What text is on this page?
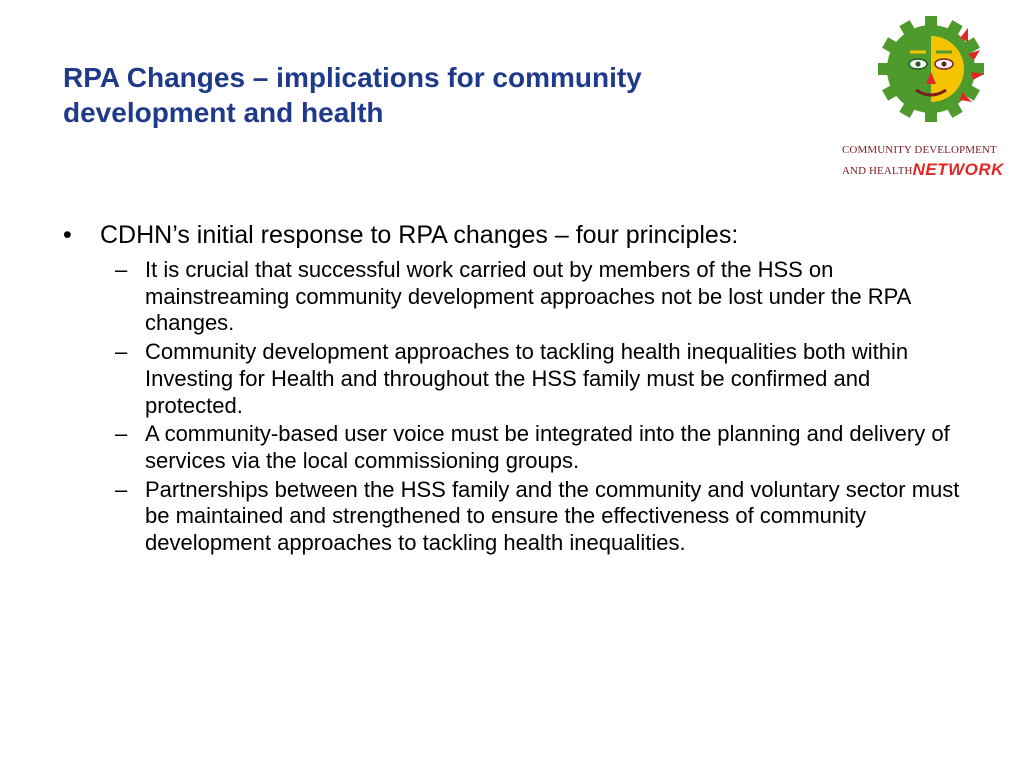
RPA Changes – implications for community development and health
COMMUNITY DEVELOPMENT
AND HEALTHNETWORK
• CDHN’s initial response to RPA changes – four principles:
– It is crucial that successful work carried out by members of the HSS on mainstreaming community development approaches not be lost under the RPA changes.
– Community development approaches to tackling health inequalities both within Investing for Health and throughout the HSS family must be confirmed and protected.
– A community-based user voice must be integrated into the planning and delivery of services via the local commissioning groups.
– Partnerships between the HSS family and the community and voluntary sector must be maintained and strengthened to ensure the effectiveness of community development approaches to tackling health inequalities.
